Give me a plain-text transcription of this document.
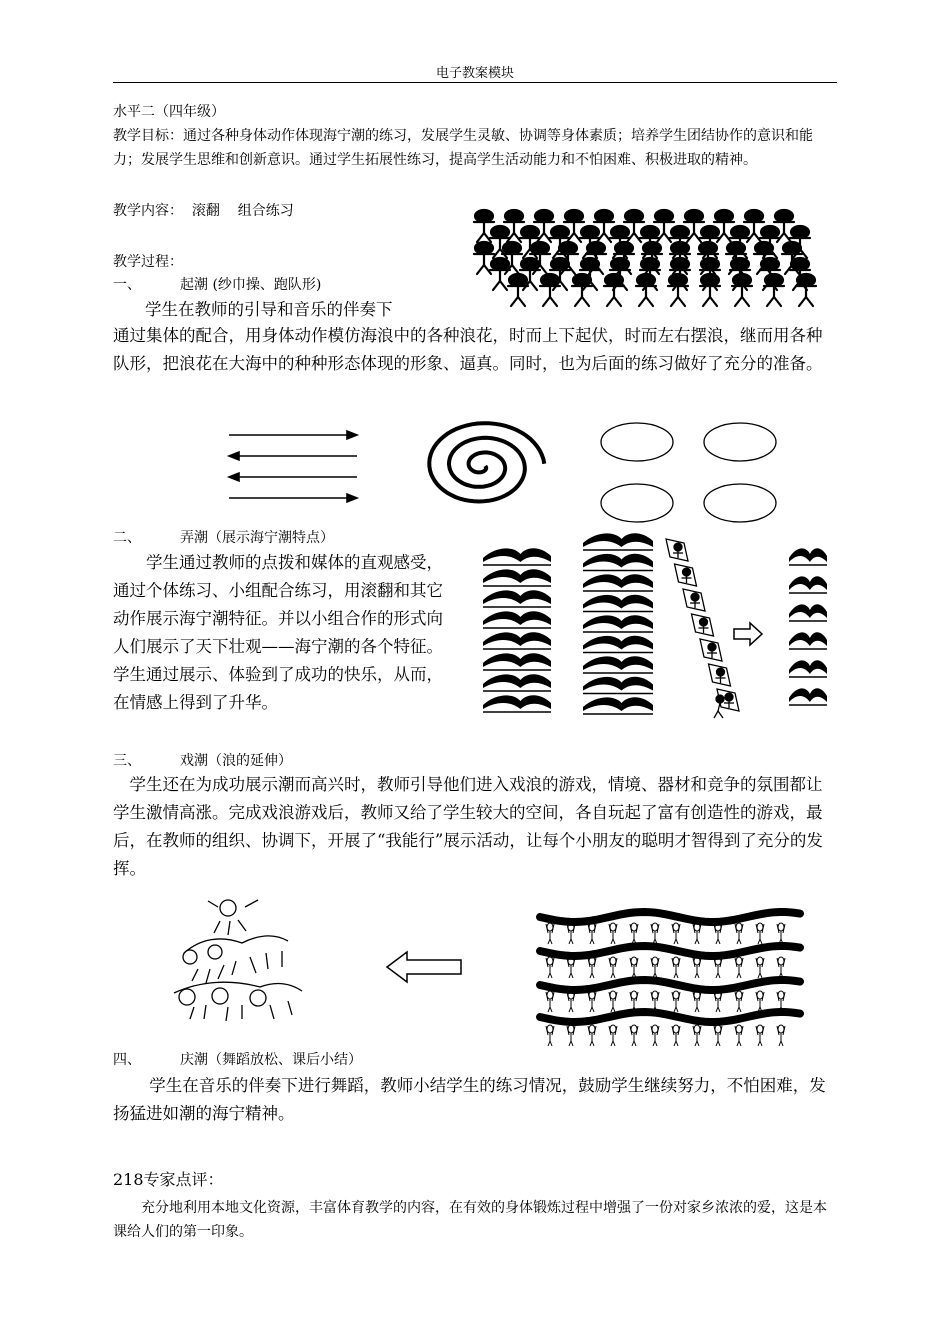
电子教案模块
水平二（四年级）
教学目标：通过各种身体动作体现海宁潮的练习，发展学生灵敏、协调等身体素质；培养学生团结协作的意识和能力；发展学生思维和创新意识。通过学生拓展性练习，提高学生活动能力和不怕困难、积极进取的精神。
教学内容：  滚翻    组合练习
教学过程：
一、	起潮 (纱巾操、跑队形)
学生在教师的引导和音乐的伴奏下
通过集体的配合，用身体动作模仿海浪中的各种浪花，时而上下起伏，时而左右摆浪，继而用各种队形，把浪花在大海中的种种形态体现的形象、逼真。同时，也为后面的练习做好了充分的准备。
二、	弄潮（展示海宁潮特点）
学生通过教师的点拨和媒体的直观感受，通过个体练习、小组配合练习，用滚翻和其它动作展示海宁潮特征。并以小组合作的形式向人们展示了天下壮观——海宁潮的各个特征。学生通过展示、体验到了成功的快乐，从而，在情感上得到了升华。
三、	戏潮（浪的延伸）
学生还在为成功展示潮而高兴时，教师引导他们进入戏浪的游戏，情境、器材和竞争的氛围都让学生激情高涨。完成戏浪游戏后，教师又给了学生较大的空间，各自玩起了富有创造性的游戏，最后，在教师的组织、协调下，开展了“我能行”展示活动，让每个小朋友的聪明才智得到了充分的发挥。
四、	庆潮（舞蹈放松、课后小结）
学生在音乐的伴奏下进行舞蹈，教师小结学生的练习情况，鼓励学生继续努力，不怕困难，发扬猛进如潮的海宁精神。
218专家点评：
充分地利用本地文化资源，丰富体育教学的内容，在有效的身体锻炼过程中增强了一份对家乡浓浓的爱，这是本课给人们的第一印象。
